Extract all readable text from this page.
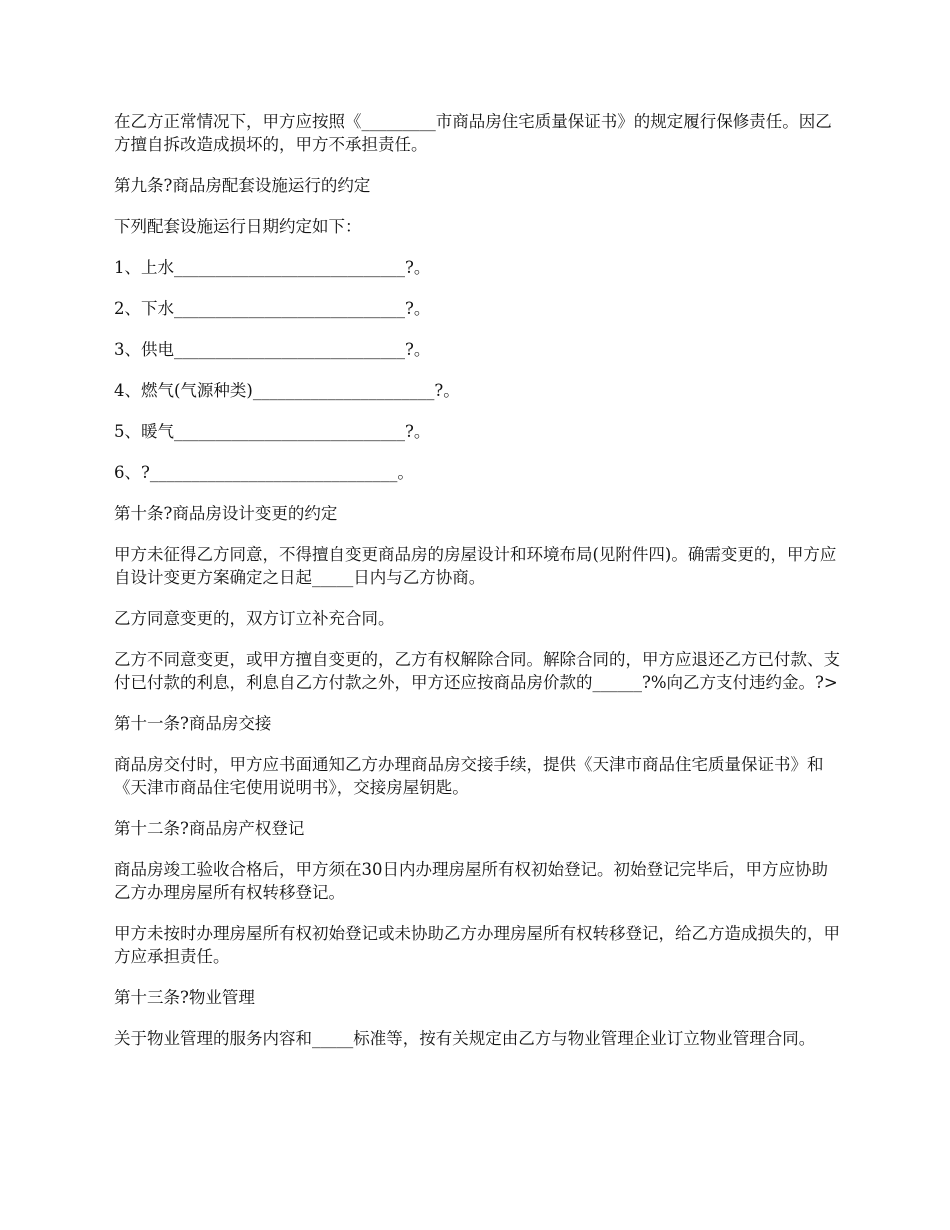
在乙方正常情况下，甲方应按照《_________市商品房住宅质量保证书》的规定履行保修责任。因乙方擅自拆改造成损坏的，甲方不承担责任。

第九条?商品房配套设施运行的约定

下列配套设施运行日期约定如下：

1、上水____________________________?。

2、下水____________________________?。

3、供电____________________________?。

4、燃气(气源种类)______________________?。

5、暖气____________________________?。

6、?______________________________。

第十条?商品房设计变更的约定

甲方未征得乙方同意，不得擅自变更商品房的房屋设计和环境布局(见附件四)。确需变更的，甲方应自设计变更方案确定之日起_____日内与乙方协商。

乙方同意变更的，双方订立补充合同。

乙方不同意变更，或甲方擅自变更的，乙方有权解除合同。解除合同的，甲方应退还乙方已付款、支付已付款的利息，利息自乙方付款之外，甲方还应按商品房价款的______?%向乙方支付违约金。?>

第十一条?商品房交接

商品房交付时，甲方应书面通知乙方办理商品房交接手续，提供《天津市商品住宅质量保证书》和《天津市商品住宅使用说明书》，交接房屋钥匙。

第十二条?商品房产权登记

商品房竣工验收合格后，甲方须在30日内办理房屋所有权初始登记。初始登记完毕后，甲方应协助乙方办理房屋所有权转移登记。

甲方未按时办理房屋所有权初始登记或未协助乙方办理房屋所有权转移登记，给乙方造成损失的，甲方应承担责任。

第十三条?物业管理

关于物业管理的服务内容和_____标准等，按有关规定由乙方与物业管理企业订立物业管理合同。
